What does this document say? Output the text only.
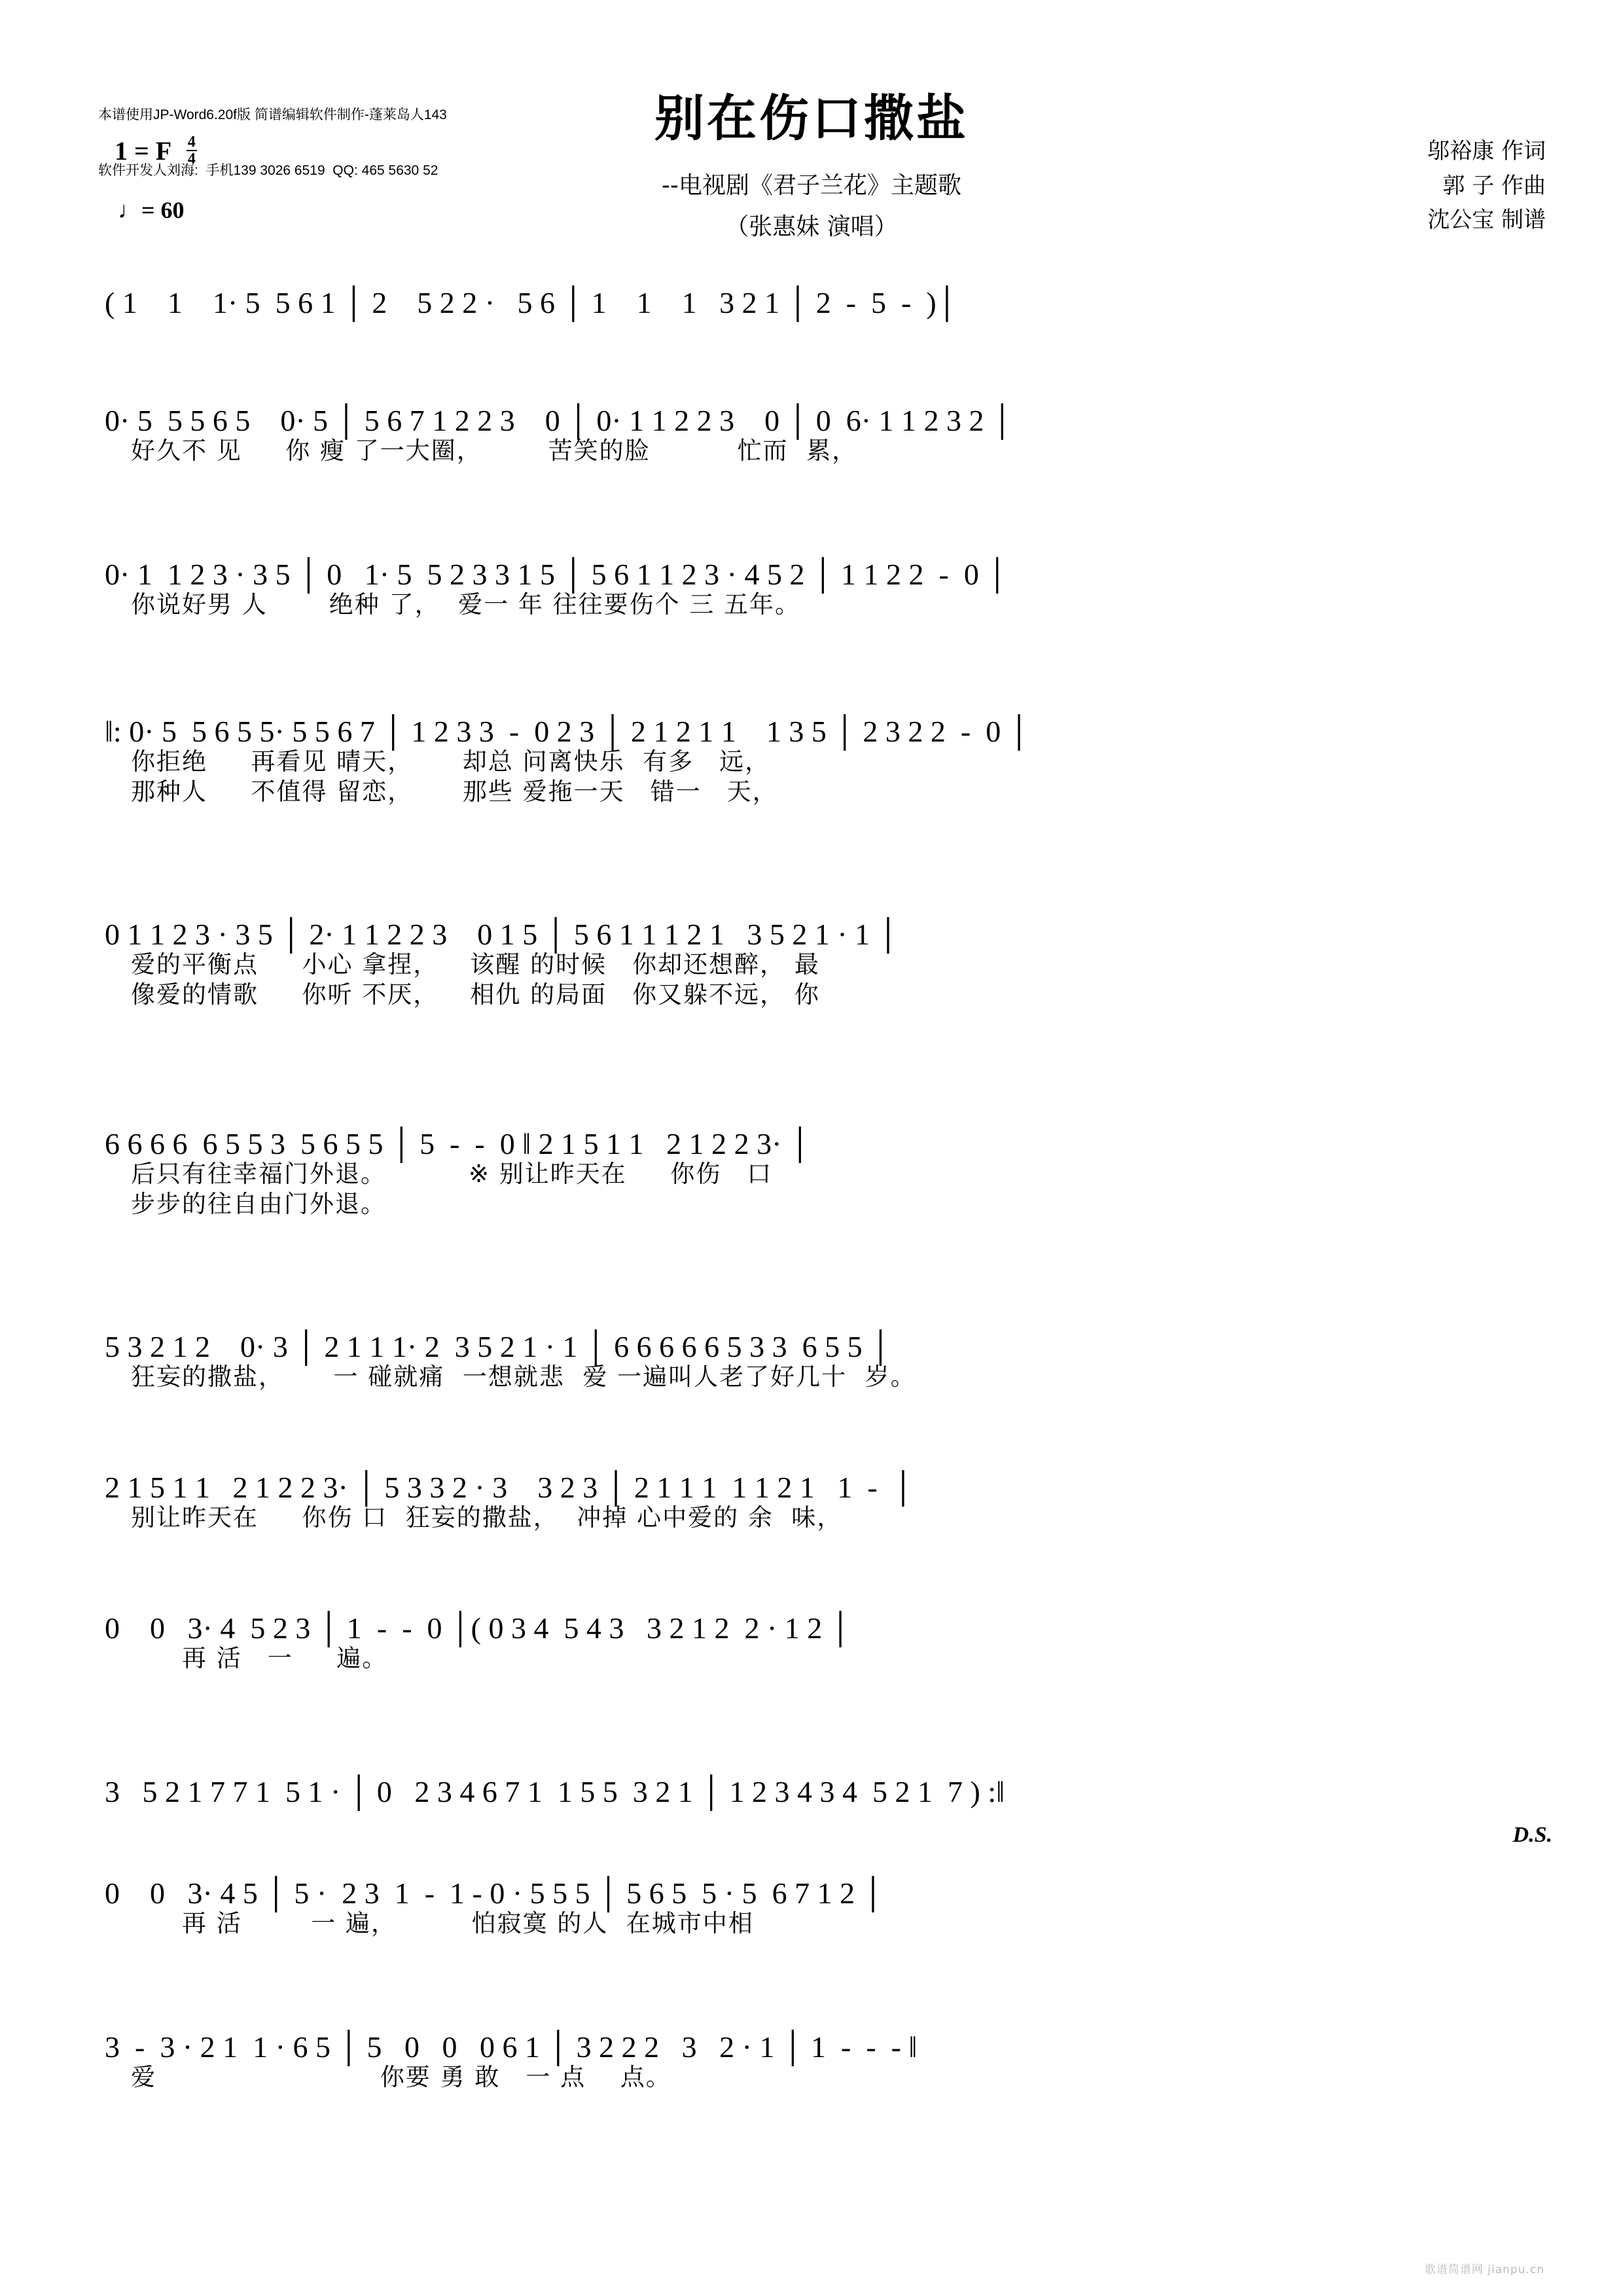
本谱使用JP-Word6.20f版 简谱编辑软件制作-蓬莱岛人143

软件开发人刘海:  手机139 3026 6519  QQ: 465 5630 52

别在伤口撒盐
--电视剧《君子兰花》主题歌
（张惠妹 演唱）
邬裕康 作词
郭 子 作曲
沈公宝 制谱
1 = F $\frac{4}{4}$
♩= 60
( 1    1    1· 5  5 6 1 │ 2    5 2 2 ·   5 6 │ 1    1    1   3 2 1 │ 2  -  5  -  )│
0· 5  5 5 6 5    0· 5 │ 5 6 7 1 2 2 3    0 │ 0· 1 1 2 2 3    0 │ 0  6· 1 1 2 3 2 │
好久不 见　  你 瘦 了一大圈，　　   苦笑的脸　　    忙而  累，
0· 1  1 2 3 · 3 5 │ 0   1· 5  5 2 3 3 1 5 │ 5 6 1 1 2 3 · 4 5 2 │ 1 1 2 2  -  0 │
你说好男 人　    绝种 了，  爱一 年 往往要伤个 三 五年。
‖: 0· 5  5 6 5 5· 5 5 6 7 │ 1 2 3 3  -  0 2 3 │ 2 1 2 1 1    1 3 5 │ 2 3 2 2  -  0 │
你拒绝　  再看见 晴天，　    却总 问离快乐  有多　远，
那种人　  不值得 留恋，　    那些 爱拖一天　错一　天，
0 1 1 2 3 · 3 5 │ 2· 1 1 2 2 3    0 1 5 │ 5 6 1 1 1 2 1   3 5 2 1 · 1 │
爱的平衡点　  小心 拿捏，　  该醒 的时候　你却还想醉， 最
像爱的情歌　  你听 不厌，　  相仇 的局面　你又躲不远， 你
6 6 6 6  6 5 5 3  5 6 5 5 │ 5  -  -  0 ‖ 2 1 5 1 1   2 1 2 2 3· │
后只有往幸福门外退。　　　  ※ 别让昨天在　  你伤　口
步步的往自由门外退。
5 3 2 1 2    0· 3 │ 2 1 1 1· 2  3 5 2 1 · 1 │ 6 6 6 6 6 5 3 3  6 5 5 │
狂妄的撒盐，　    一 碰就痛  一想就悲  爱 一遍叫人老了好几十  岁。
2 1 5 1 1   2 1 2 2 3· │ 5 3 3 2 · 3    3 2 3 │ 2 1 1 1  1 1 2 1   1  -  │
别让昨天在　  你伤 口  狂妄的撒盐，  冲掉 心中爱的 余  味，
0    0   3· 4  5 2 3 │ 1  -  -  0 │( 0 3 4  5 4 3   3 2 1 2  2 · 1 2 │
　　再 活　一　  遍。
3   5 2 1 7 7 1  5 1 · │ 0   2 3 4 6 7 1  1 5 5  3 2 1 │ 1 2 3 4 3 4  5 2 1  7 ) :‖
D.S.
0    0   3· 4 5 │ 5 ·  2 3  1  -  1 - 0 · 5 5 5 │ 5 6 5  5 · 5  6 7 1 2 │
　　再 活　　  一 遍，　　    怕寂寞 的人  在城市中相
3  -  3 · 2 1  1 · 6 5 │ 5   0   0   0 6 1 │ 3 2 2 2   3   2 · 1 │ 1  -  -  - ‖
爱　　　　　　　     你要 勇 敢　一 点　 点。
歌谱简谱网 jianpu.cn
